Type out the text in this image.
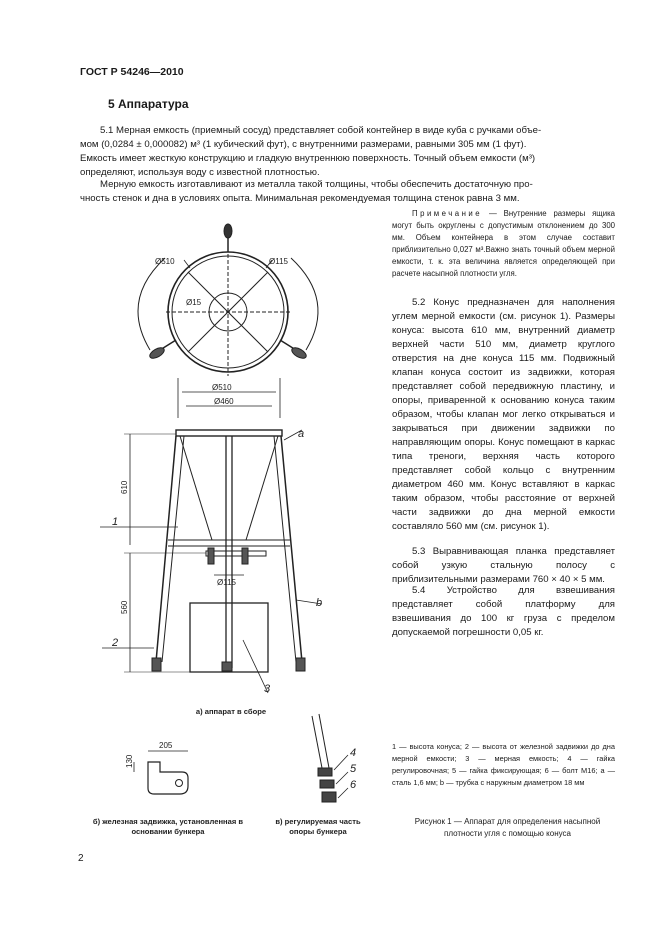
ГОСТ Р 54246—2010
5 Аппаратура

5.1 Мерная емкость (приемный сосуд) представляет собой контейнер в виде куба с ручками объе-

мом (0,0284 ± 0,000082) м³ (1 кубический фут), с внутренними размерами, равными 305 мм (1 фут).

Емкость имеет жесткую конструкцию и гладкую внутреннюю поверхность. Точный объем емкости (м³)

определяют, используя воду с известной плотностью.

Мерную емкость изготавливают из металла такой толщины, чтобы обеспечить достаточную про-

чность стенок и дна в условиях опыта. Минимальная рекомендуемая толщина стенок равна 3 мм.

Примечание — Внутренние размеры ящика могут быть округлены с допустимым отклонением до 300 мм. Объем контейнера в этом случае составит приблизительно 0,027 м³.Важно знать точный объем мерной емкости, т. к. эта величина является определяющей при расчете насыпной плотности угля.
5.2 Конус предназначен для наполнения углем мерной емкости (см. рисунок 1). Размеры конуса: высота 610 мм, внутренний диаметр верхней части 510 мм, диаметр круглого отверстия на дне конуса 115 мм. Подвижный клапан конуса состоит из задвижки, которая представляет собой передвижную пластину, и опоры, приваренной к основанию конуса таким образом, чтобы клапан мог легко открываться и закрываться при движении задвижки по направляющим опоры. Конус помещают в каркас типа треноги, верхняя часть которого представляет собой кольцо с внутренним диаметром 460 мм. Конус вставляют в каркас таким образом, чтобы расстояние от верхней части задвижки до дна мерной емкости составляло 560 мм (см. рисунок 1).
5.3 Выравнивающая планка представляет собой узкую стальную полосу с приблизительными размерами 760 × 40 × 5 мм.
5.4 Устройство для взвешивания представляет собой платформу для взвешивания до 100 кг груза с пределом допускаемой погрешности 0,05 кг.
1 — высота конуса; 2 — высота от железной задвижки до дна мерной емкости; 3 — мерная емкость; 4 — гайка регулировочная; 5 — гайка фиксирующая; 6 — болт М16; a — сталь 1,6 мм; b — трубка с наружным диаметром 18 мм
Рисунок 1 — Аппарат для определения насыпной плотности угля с помощью конуса
Ø510	Ø115
Ø15
Ø510
Ø460
Ø115
610
560
1
2
3
a
b
205
130
4
5
6
а) аппарат в сборе
б) железная задвижка, установленная в основании бункера
в) регулируемая часть опоры бункера
2
